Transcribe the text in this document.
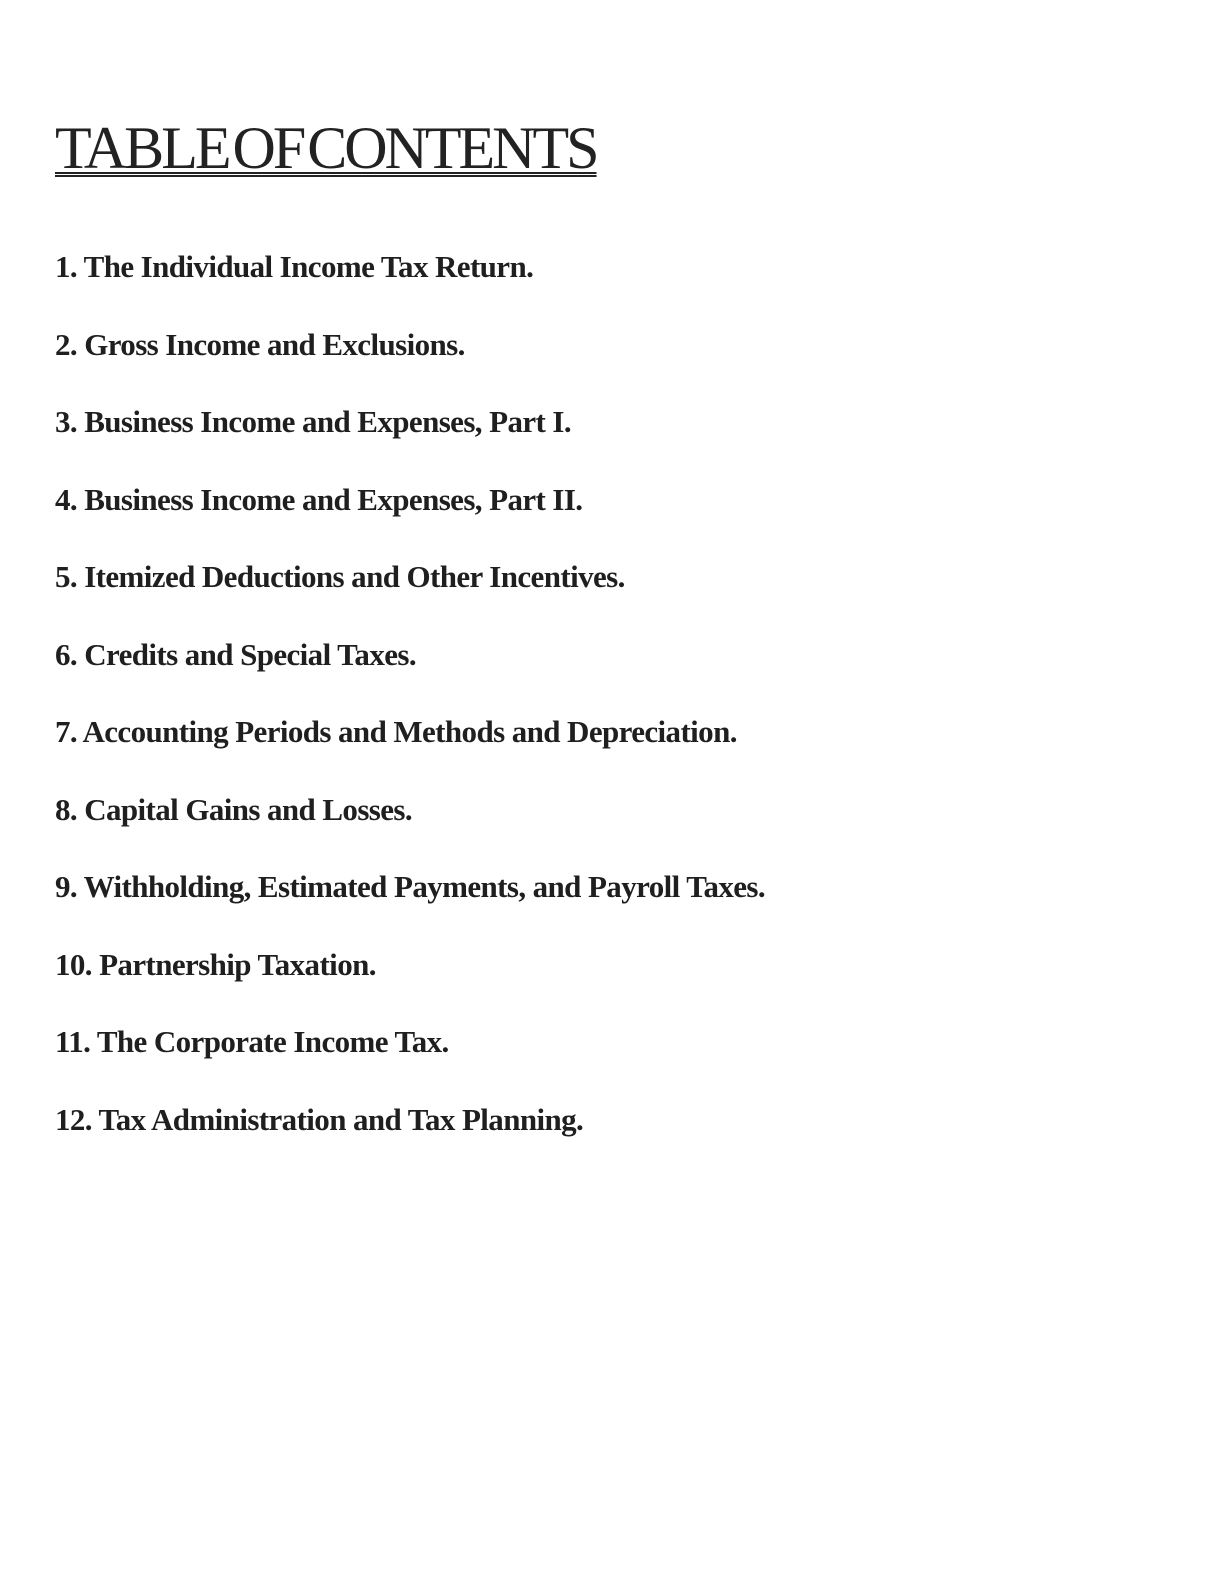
TABLE OF CONTENTS
1. The Individual Income Tax Return.
2. Gross Income and Exclusions.
3. Business Income and Expenses, Part I.
4. Business Income and Expenses, Part II.
5. Itemized Deductions and Other Incentives.
6. Credits and Special Taxes.
7. Accounting Periods and Methods and Depreciation.
8. Capital Gains and Losses.
9. Withholding, Estimated Payments, and Payroll Taxes.
10. Partnership Taxation.
11. The Corporate Income Tax.
12. Tax Administration and Tax Planning.
